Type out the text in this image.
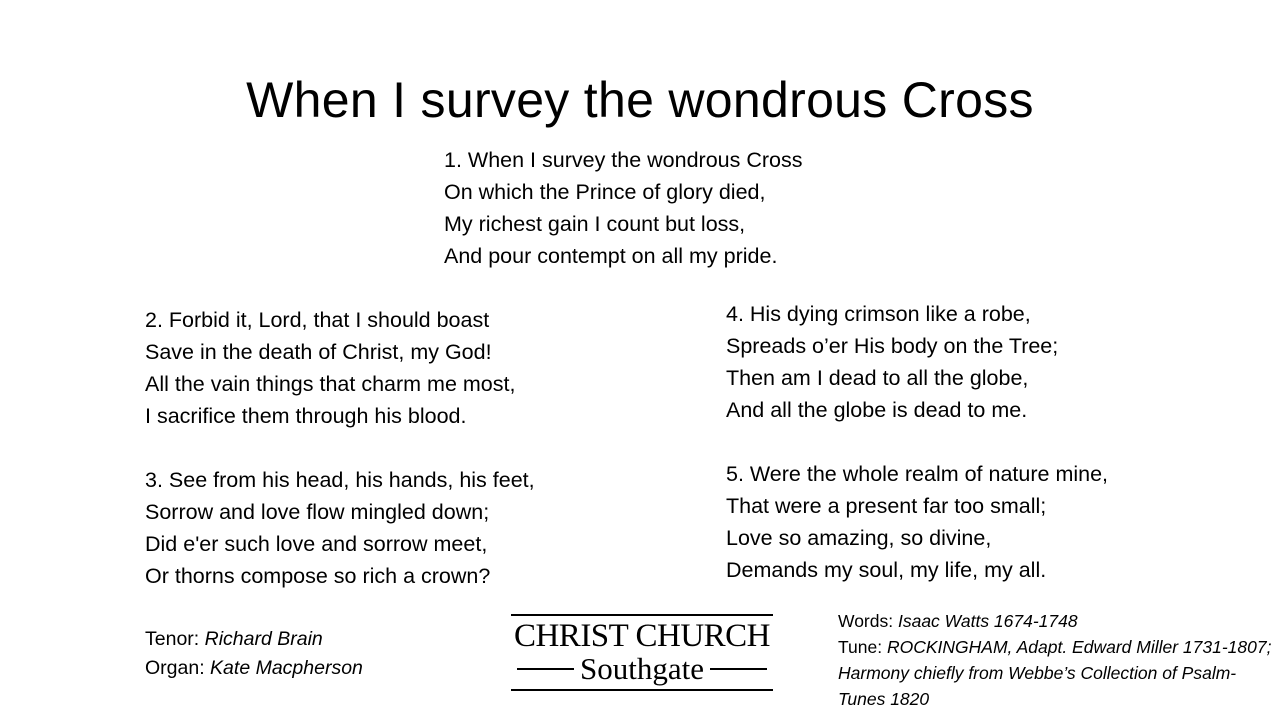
When I survey the wondrous Cross
1. When I survey the wondrous Cross
On which the Prince of glory died,
My richest gain I count but loss,
And pour contempt on all my pride.
2. Forbid it, Lord, that I should boast
Save in the death of Christ, my God!
All the vain things that charm me most,
I sacrifice them through his blood.
3. See from his head, his hands, his feet,
Sorrow and love flow mingled down;
Did e'er such love and sorrow meet,
Or thorns compose so rich a crown?
4. His dying crimson like a robe,
Spreads o’er His body on the Tree;
Then am I dead to all the globe,
And all the globe is dead to me.
5. Were the whole realm of nature mine,
That were a present far too small;
Love so amazing, so divine,
Demands my soul, my life, my all.
Tenor: Richard Brain
Organ: Kate Macpherson
CHRIST CHURCH
Southgate
Words: Isaac Watts 1674-1748
Tune: ROCKINGHAM, Adapt. Edward Miller 1731-1807; Harmony chiefly from Webbe’s Collection of Psalm-Tunes 1820
